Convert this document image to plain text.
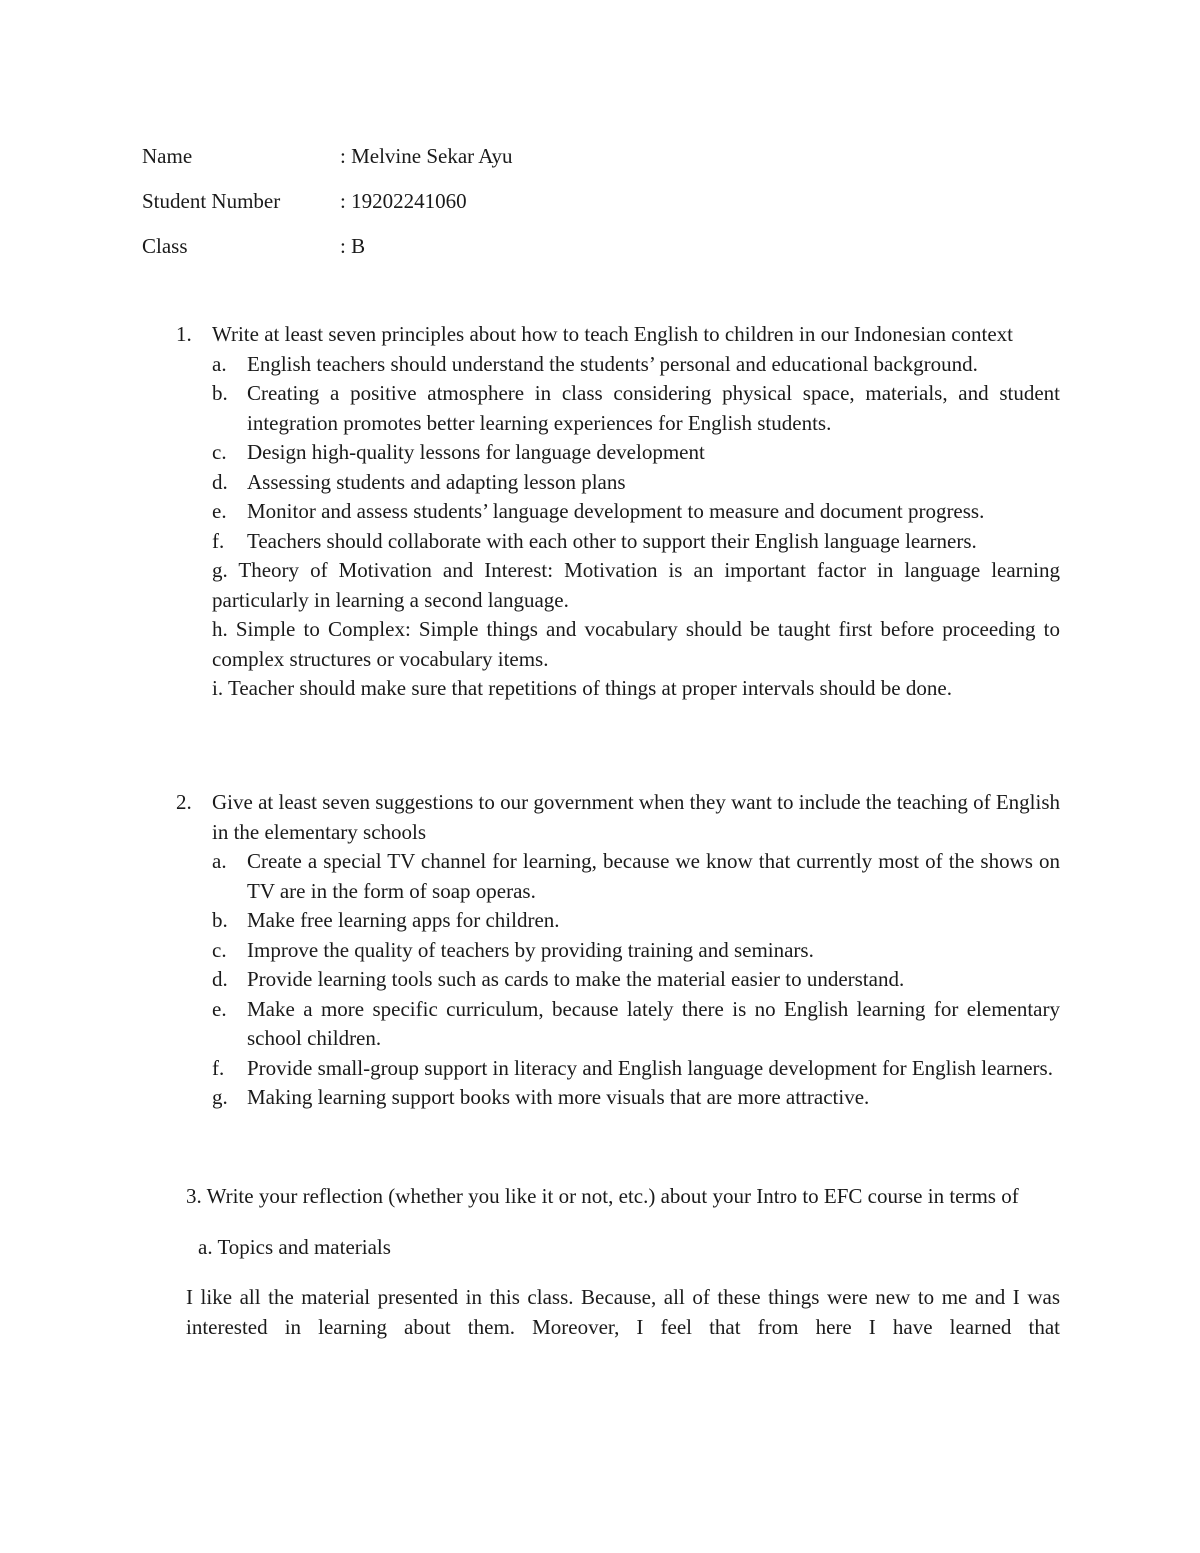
Name	: Melvine Sekar Ayu
Student Number	: 19202241060
Class	: B
1. Write at least seven principles about how to teach English to children in our Indonesian context
a. English teachers should understand the students’ personal and educational background.
b. Creating a positive atmosphere in class considering physical space, materials, and student integration promotes better learning experiences for English students.
c. Design high-quality lessons for language development
d. Assessing students and adapting lesson plans
e. Monitor and assess students’ language development to measure and document progress.
f. Teachers should collaborate with each other to support their English language learners.
g. Theory of Motivation and Interest: Motivation is an important factor in language learning particularly in learning a second language.
h. Simple to Complex: Simple things and vocabulary should be taught first before proceeding to complex structures or vocabulary items.
i. Teacher should make sure that repetitions of things at proper intervals should be done.
2. Give at least seven suggestions to our government when they want to include the teaching of English in the elementary schools
a. Create a special TV channel for learning, because we know that currently most of the shows on TV are in the form of soap operas.
b. Make free learning apps for children.
c. Improve the quality of teachers by providing training and seminars.
d. Provide learning tools such as cards to make the material easier to understand.
e. Make a more specific curriculum, because lately there is no English learning for elementary school children.
f. Provide small-group support in literacy and English language development for English learners.
g. Making learning support books with more visuals that are more attractive.
3. Write your reflection (whether you like it or not, etc.) about your Intro to EFC course in terms of
a. Topics and materials
I like all the material presented in this class. Because, all of these things were new to me and I was interested in learning about them. Moreover, I feel that from here I have learned that
